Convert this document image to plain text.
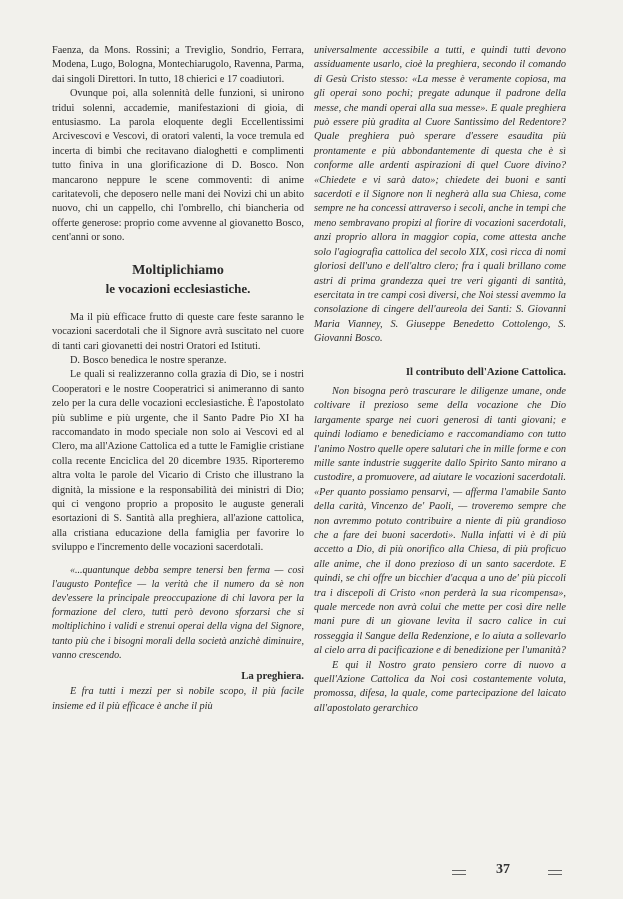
Faenza, da Mons. Rossini; a Treviglio, Sondrio, Ferrara, Modena, Lugo, Bologna, Montechiarugolo, Ravenna, Parma, dai singoli Direttori. In tutto, 18 chierici e 17 coadiutori.

Ovunque poi, alla solennità delle funzioni, si unirono tridui solenni, accademie, manifestazioni di gioia, di entusiasmo. La parola eloquente degli Eccellentissimi Arcivescovi e Vescovi, di oratori valenti, la voce tremula ed incerta di bimbi che recitavano dialoghetti e complimenti tutto finiva in una glorificazione di D. Bosco. Non mancarono neppure le scene commoventi: di anime caritatevoli, che deposero nelle mani dei Novizi chi un abito nuovo, chi un cappello, chi l'ombrello, chi biancheria od offerte generose: proprio come avvenne al giovanetto Bosco, cent'anni or sono.

Moltiplichiamo
le vocazioni ecclesiastiche.

Ma il più efficace frutto di queste care feste saranno le vocazioni sacerdotali che il Signore avrà suscitato nel cuore di tanti cari giovanetti dei nostri Oratori ed Istituti.

D. Bosco benedica le nostre speranze.

Le quali si realizzeranno colla grazia di Dio, se i nostri Cooperatori e le nostre Cooperatrici si animeranno di santo zelo per la cura delle vocazioni ecclesiastiche. È l'apostolato più sublime e più urgente, che il Santo Padre Pio XI ha raccomandato in modo speciale non solo ai Vescovi ed al Clero, ma all'Azione Cattolica ed a tutte le Famiglie cristiane colla recente Enciclica del 20 dicembre 1935. Riporteremo altra volta le parole del Vicario di Cristo che illustrano la dignità, la missione e la responsabilità dei ministri di Dio; qui ci vengono proprio a proposito le auguste generali esortazioni di S. Santità alla preghiera, all'azione cattolica, alla cristiana educazione della famiglia per favorire lo sviluppo e l'incremento delle vocazioni sacerdotali.

«...quantunque debba sempre tenersi ben ferma — così l'augusto Pontefice — la verità che il numero da sè non dev'essere la principale preoccupazione di chi lavora per la formazione del clero, tutti però devono sforzarsi che si moltiplichino i validi e strenui operai della vigna del Signore, tanto più che i bisogni morali della società anzichè diminuire, vanno crescendo.

La preghiera.

E fra tutti i mezzi per sì nobile scopo, il più facile insieme ed il più efficace è anche il più

universalmente accessibile a tutti, e quindi tutti devono assiduamente usarlo, cioè la preghiera, secondo il comando di Gesù Cristo stesso: «La messe è veramente copiosa, ma gli operai sono pochi; pregate adunque il padrone della messe, che mandi operai alla sua messe». E quale preghiera può essere più gradita al Cuore Santissimo del Redentore? Quale preghiera può sperare d'essere esaudita più prontamente e più abbondantemente di questa che è sì conforme alle ardenti aspirazioni di quel Cuore divino? «Chiedete e vi sarà dato»; chiedete dei buoni e santi sacerdoti e il Signore non li negherà alla sua Chiesa, come sempre ne ha concessi attraverso i secoli, anche in tempi che meno sembravano propizi al fiorire di vocazioni sacerdotali, anzi proprio allora in maggior copia, come attesta anche solo l'agiografia cattolica del secolo XIX, così ricca di nomi gloriosi dell'uno e dell'altro clero; fra i quali brillano come astri di prima grandezza quei tre veri giganti di santità, esercitata in tre campi così diversi, che Noi stessi avemmo la consolazione di cingere dell'aureola dei Santi: S. Giovanni Maria Vianney, S. Giuseppe Benedetto Cottolengo, S. Giovanni Bosco.

Il contributo dell'Azione Cattolica.

Non bisogna però trascurare le diligenze umane, onde coltivare il prezioso seme della vocazione che Dio largamente sparge nei cuori generosi di tanti giovani; e quindi lodiamo e benediciamo e raccomandiamo con tutto l'animo Nostro quelle opere salutari che in mille forme e con mille sante industrie suggerite dallo Spirito Santo mirano a custodire, a promuovere, ad aiutare le vocazioni sacerdotali. «Per quanto possiamo pensarvi, — afferma l'amabile Santo della carità, Vincenzo de' Paoli, — troveremo sempre che non avremmo potuto contribuire a niente di più grandioso che a fare dei buoni sacerdoti». Nulla infatti vi è di più accetto a Dio, di più onorifico alla Chiesa, di più proficuo alle anime, che il dono prezioso di un santo sacerdote. E quindi, se chi offre un bicchier d'acqua a uno de' più piccoli tra i discepoli di Cristo «non perderà la sua ricompensa», quale mercede non avrà colui che mette per così dire nelle mani pure di un giovane levita il sacro calice in cui rosseggia il Sangue della Redenzione, e lo aiuta a sollevarlo al cielo arra di pacificazione e di benedizione per l'umanità?

E qui il Nostro grato pensiero corre di nuovo a quell'Azione Cattolica da Noi così costantemente voluta, promossa, difesa, la quale, come partecipazione del laicato all'apostolato gerarchico

37
